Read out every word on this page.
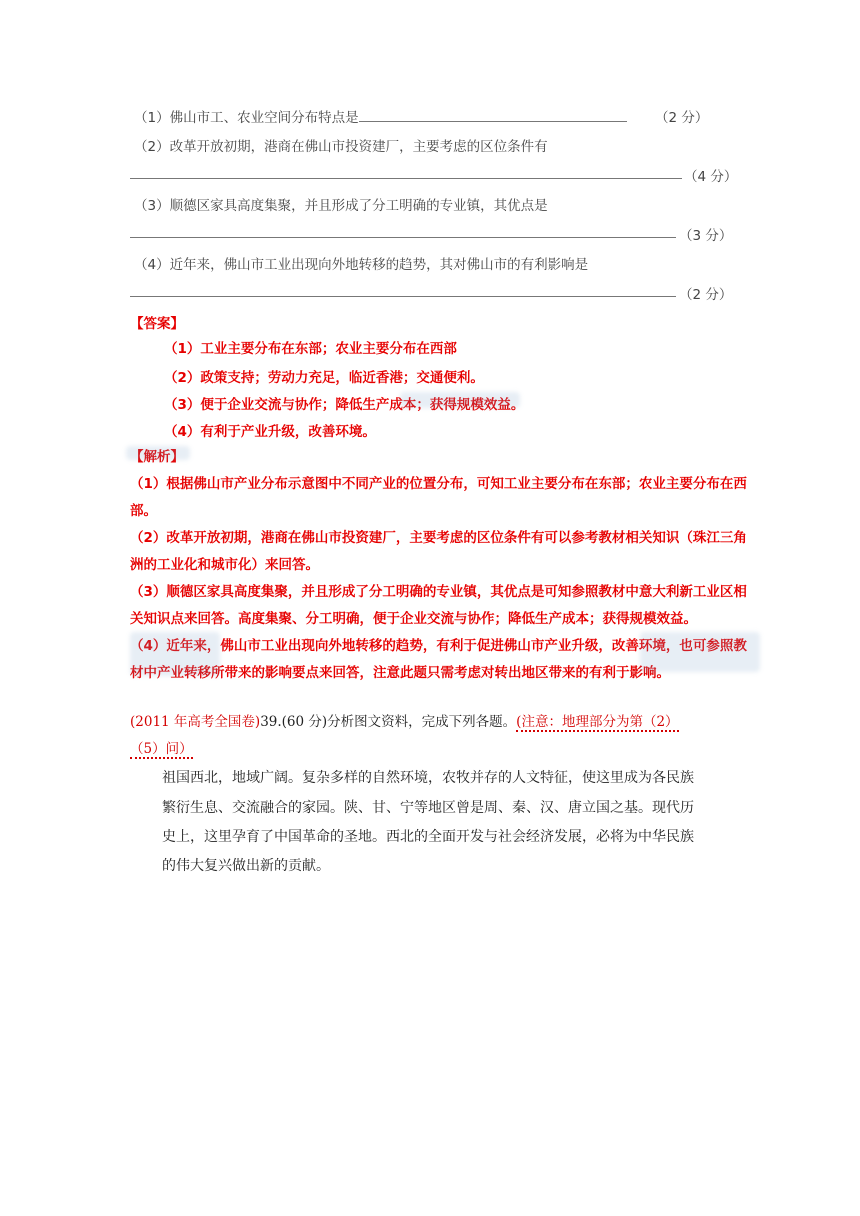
（1）佛山市工、农业空间分布特点是	（2 分）
（2）改革开放初期，港商在佛山市投资建厂，主要考虑的区位条件有
（4 分）
（3）顺德区家具高度集聚，并且形成了分工明确的专业镇，其优点是
（3 分）
（4）近年来，佛山市工业出现向外地转移的趋势，其对佛山市的有利影响是
（2 分）
【答案】
（1）工业主要分布在东部；农业主要分布在西部
（2）政策支持；劳动力充足，临近香港；交通便利。
（3）便于企业交流与协作；降低生产成本；获得规模效益。
（4）有利于产业升级，改善环境。
【解析】
（1）根据佛山市产业分布示意图中不同产业的位置分布，可知工业主要分布在东部；农业主要分布在西
部。
（2）改革开放初期，港商在佛山市投资建厂，主要考虑的区位条件有可以参考教材相关知识（珠江三角
洲的工业化和城市化）来回答。
（3）顺德区家具高度集聚，并且形成了分工明确的专业镇，其优点是可知参照教材中意大利新工业区相
关知识点来回答。高度集聚、分工明确，便于企业交流与协作；降低生产成本；获得规模效益。
（4）近年来，佛山市工业出现向外地转移的趋势，有利于促进佛山市产业升级，改善环境，也可参照教
材中产业转移所带来的影响要点来回答，注意此题只需考虑对转出地区带来的有利于影响。
(2011 年高考全国卷)39.(60 分)分析图文资料，完成下列各题。(注意：地理部分为第（2）
（5）问）
祖国西北，地域广阔。复杂多样的自然环境，农牧并存的人文特征，使这里成为各民族
繁衍生息、交流融合的家园。陕、甘、宁等地区曾是周、秦、汉、唐立国之基。现代历
史上，这里孕育了中国革命的圣地。西北的全面开发与社会经济发展，必将为中华民族
的伟大复兴做出新的贡献。
